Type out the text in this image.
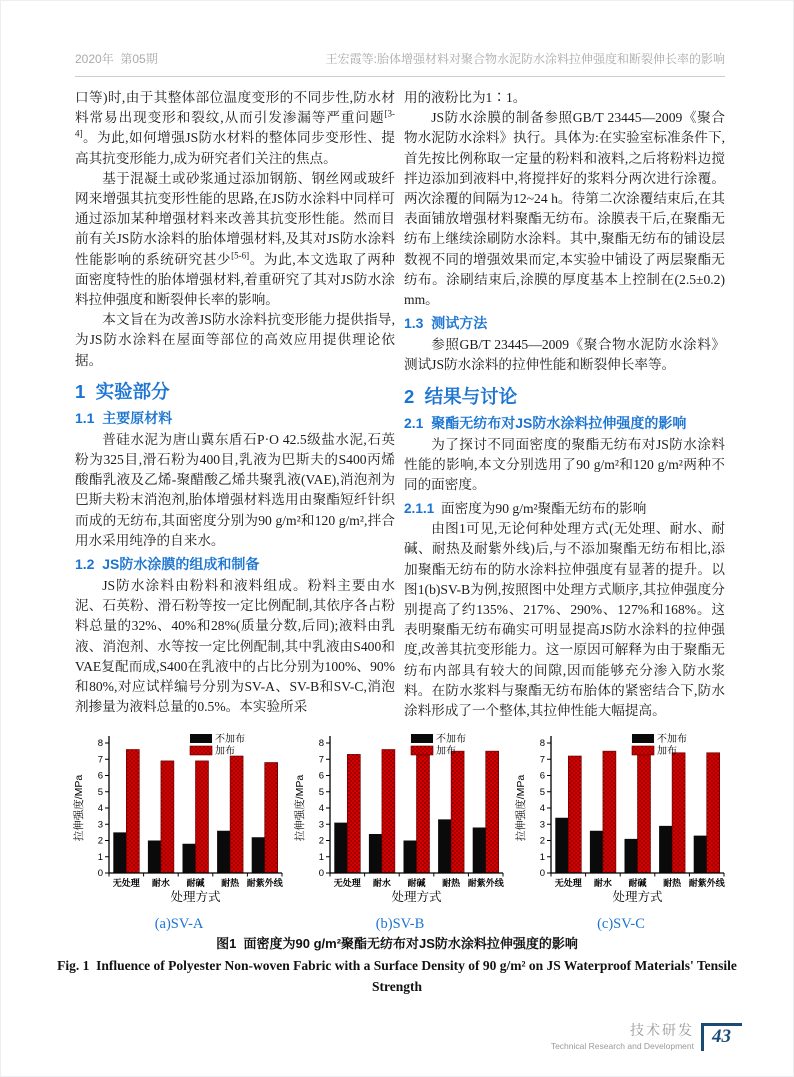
2020年  第05期	王宏霞等:胎体增强材料对聚合物水泥防水涂料拉伸强度和断裂伸长率的影响

口等)时,由于其整体部位温度变形的不同步性,防水材料常易出现变形和裂纹,从而引发渗漏等严重问题[3-4]。为此,如何增强JS防水材料的整体同步变形性、提高其抗变形能力,成为研究者们关注的焦点。

基于混凝土或砂浆通过添加钢筋、钢丝网或玻纤网来增强其抗变形性能的思路,在JS防水涂料中同样可通过添加某种增强材料来改善其抗变形性能。然而目前有关JS防水涂料的胎体增强材料,及其对JS防水涂料性能影响的系统研究甚少[5-6]。为此,本文选取了两种面密度特性的胎体增强材料,着重研究了其对JS防水涂料拉伸强度和断裂伸长率的影响。

本文旨在为改善JS防水涂料抗变形能力提供指导,为JS防水涂料在屋面等部位的高效应用提供理论依据。

1  实验部分
1.1  主要原材料

普硅水泥为唐山冀东盾石P·O 42.5级盐水泥,石英粉为325目,滑石粉为400目,乳液为巴斯夫的S400丙烯酸酯乳液及乙烯-聚醋酸乙烯共聚乳液(VAE),消泡剂为巴斯夫粉末消泡剂,胎体增强材料选用由聚酯短纤针织而成的无纺布,其面密度分别为90 g/m²和120 g/m²,拌合用水采用纯净的自来水。

1.2  JS防水涂膜的组成和制备

JS防水涂料由粉料和液料组成。粉料主要由水泥、石英粉、滑石粉等按一定比例配制,其依序各占粉料总量的32%、40%和28%(质量分数,后同);液料由乳液、消泡剂、水等按一定比例配制,其中乳液由S400和VAE复配而成,S400在乳液中的占比分别为100%、90%和80%,对应试样编号分别为SV-A、SV-B和SV-C,消泡剂掺量为液料总量的0.5%。本实验所采

用的液粉比为1∶1。

JS防水涂膜的制备参照GB/T 23445—2009《聚合物水泥防水涂料》执行。具体为:在实验室标准条件下,首先按比例称取一定量的粉料和液料,之后将粉料边搅拌边添加到液料中,将搅拌好的浆料分两次进行涂覆。两次涂覆的间隔为12~24 h。待第二次涂覆结束后,在其表面铺放增强材料聚酯无纺布。涂膜表干后,在聚酯无纺布上继续涂刷防水涂料。其中,聚酯无纺布的铺设层数视不同的增强效果而定,本实验中铺设了两层聚酯无纺布。涂刷结束后,涂膜的厚度基本上控制在(2.5±0.2) mm。

1.3  测试方法

参照GB/T 23445—2009《聚合物水泥防水涂料》测试JS防水涂料的拉伸性能和断裂伸长率等。

2  结果与讨论
2.1  聚酯无纺布对JS防水涂料拉伸强度的影响

为了探讨不同面密度的聚酯无纺布对JS防水涂料性能的影响,本文分别选用了90 g/m²和120 g/m²两种不同的面密度。

2.1.1  面密度为90 g/m²聚酯无纺布的影响

由图1可见,无论何种处理方式(无处理、耐水、耐碱、耐热及耐紫外线)后,与不添加聚酯无纺布相比,添加聚酯无纺布的防水涂料拉伸强度有显著的提升。以图1(b)SV-B为例,按照图中处理方式顺序,其拉伸强度分别提高了约135%、217%、290%、127%和168%。这表明聚酯无纺布确实可明显提高JS防水涂料的拉伸强度,改善其抗变形能力。这一原因可解释为由于聚酯无纺布内部具有较大的间隙,因而能够充分渗入防水浆料。在防水浆料与聚酯无纺布胎体的紧密结合下,防水涂料形成了一个整体,其拉伸性能大幅提高。

0
1
2
3
4
5
6
7
8
无处理 耐水 耐碱 耐热 耐紫外线
处理方式
拉伸强度/MPa
不加布
加布
(a)SV-A
0
1
2
3
4
5
6
7
8
无处理 耐水 耐碱 耐热 耐紫外线
处理方式
拉伸强度/MPa
不加布
加布
(b)SV-B
0
1
2
3
4
5
6
7
8
无处理 耐水 耐碱 耐热 耐紫外线
处理方式
拉伸强度/MPa
不加布
加布
(c)SV-C
图1  面密度为90 g/m²聚酯无纺布对JS防水涂料拉伸强度的影响
Fig. 1  Influence of Polyester Non-woven Fabric with a Surface Density of 90 g/m² on JS Waterproof Materials' Tensile Strength
技术研发
Technical Research and Development 43
